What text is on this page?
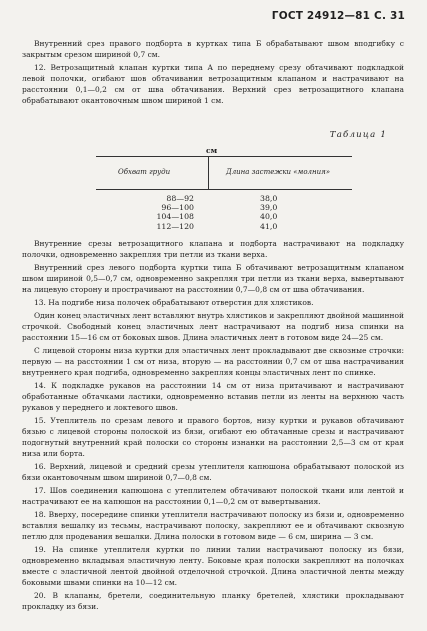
ГОСТ 24912—81 С. 31

Внутренний срез правого подборта в куртках типа Б обрабатывают швом вподгибку с закрытым срезом шириной 0,7 см.

12. Ветрозащитный клапан куртки типа А по переднему срезу обтачивают подкладкой левой полочки, огибают шов обтачивания ветрозащитным клапаном и настрачивают на расстоянии 0,1—0,2 см от шва обтачивания. Верхний срез ветрозащитного клапана обрабатывают окантовочным швом шириной 1 см.

Таблица 1
см
Обхват груди	Длина застежки «молния»
88—92
96—100
104—108
112—120
38,0
39,0
40,0
41,0

Внутренние срезы ветрозащитного клапана и подборта настрачивают на подкладку полочки, одновременно закрепляя три петли из ткани верха.

Внутренний срез левого подборта куртки типа Б обтачивают ветрозащитным клапаном швом шириной 0,5—0,7 см, одновременно закрепляя три петли из ткани верха, вывертывают на лицевую сторону и прострачивают на расстоянии 0,7—0,8 см от шва обтачивания.

13. На подгибе низа полочек обрабатывают отверстия для хлястиков.

Один конец эластичных лент вставляют внутрь хлястиков и закрепляют двойной машинной строчкой. Свободный конец эластичных лент настрачивают на подгиб низа спинки на расстоянии 15—16 см от боковых швов. Длина эластичных лент в готовом виде 24—25 см.

С лицевой стороны низа куртки для эластичных лент прокладывают две сквозные строчки: первую — на расстоянии 1 см от низа, вторую — на расстоянии 0,7 см от шва настрачивания внутреннего края подгиба, одновременно закрепляя концы эластичных лент по спинке.

14. К подкладке рукавов на расстоянии 14 см от низа притачивают и настрачивают обработанные обтачками ластики, одновременно вставив петли из ленты на верхнюю часть рукавов у переднего и локтевого швов.

15. Утеплитель по срезам левого и правого бортов, низу куртки и рукавов обтачивают бязью с лицевой стороны полоской из бязи, огибают ею обтачанные срезы и настрачивают подогнутый внутренний край полоски со стороны изнанки на расстоянии 2,5—3 см от края низа или борта.

16. Верхний, лицевой и средний срезы утеплителя капюшона обрабатывают полоской из бязи окантовочным швом шириной 0,7—0,8 см.

17. Шов соединения капюшона с утеплителем обтачивают полоской ткани или лентой и настрачивают ее на капюшон на расстоянии 0,1—0,2 см от вывертывания.

18. Вверху, посередине спинки утеплителя настрачивают полоску из бязи и, одновременно вставляя вешалку из тесьмы, настрачивают полоску, закрепляют ее и обтачивают сквозную петлю для продевания вешалки. Длина полоски в готовом виде — 6 см, ширина — 3 см.

19. На спинке утеплителя куртки по линии талии настрачивают полоску из бязи, одновременно вкладывая эластичную ленту. Боковые края полоски закрепляют на полочках вместе с эластичной лентой двойной отделочной строчкой. Длина эластичной ленты между боковыми швами спинки на 10—12 см.

20. В клапаны, бретели, соединительную планку бретелей, хлястики прокладывают прокладку из бязи.
